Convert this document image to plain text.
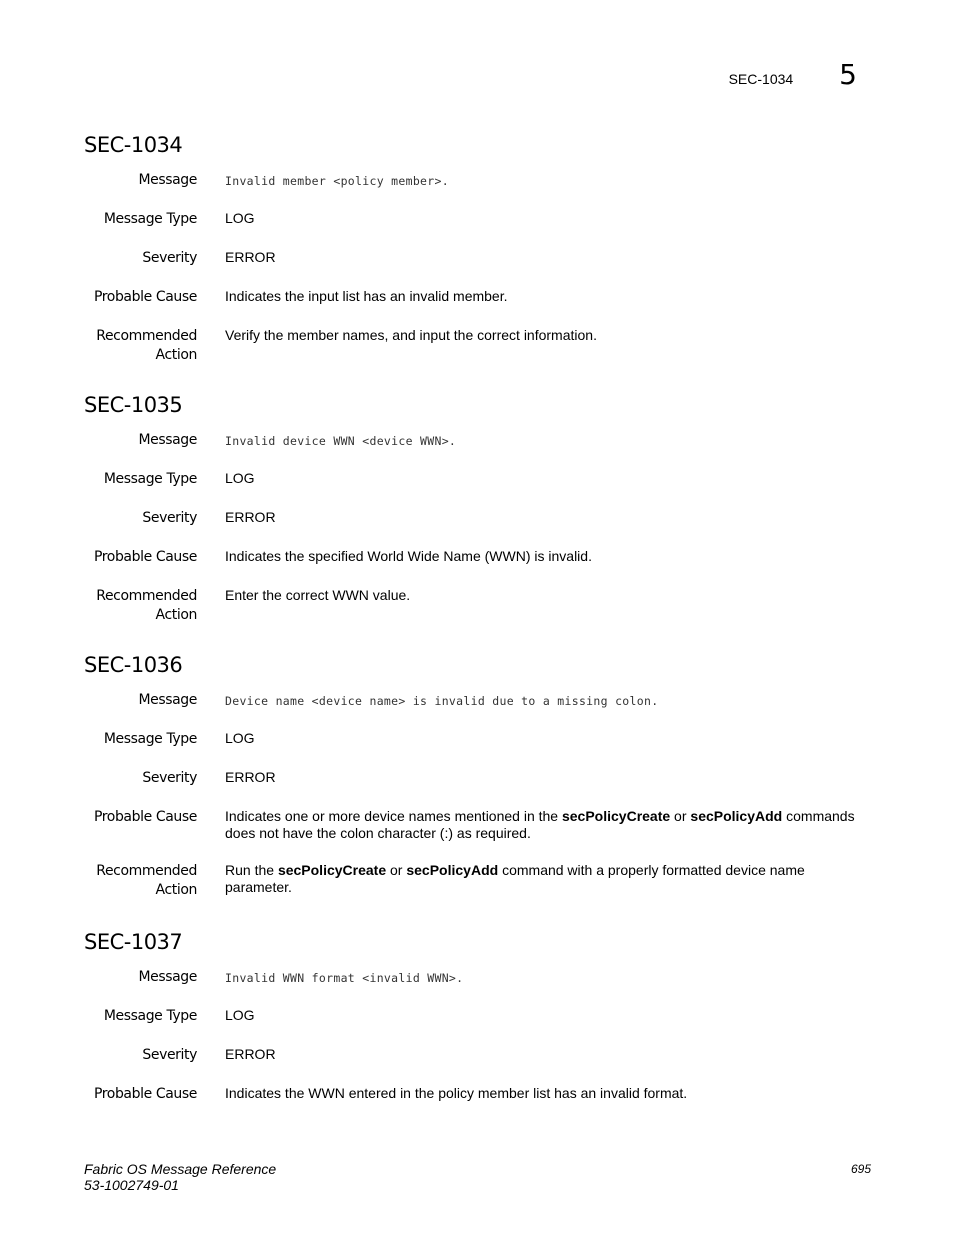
SEC-1034 5
SEC-1034
Message Invalid member <policy member>.
Message Type LOG
Severity ERROR
Probable Cause Indicates the input list has an invalid member.
Recommended
Action
Verify the member names, and input the correct information.
SEC-1035
Message Invalid device WWN <device WWN>.
Message Type LOG
Severity ERROR
Probable Cause Indicates the specified World Wide Name (WWN) is invalid.
Recommended
Action
Enter the correct WWN value.
SEC-1036
Message Device name <device name> is invalid due to a missing colon.
Message Type LOG
Severity ERROR
Probable Cause Indicates one or more device names mentioned in the secPolicyCreate or secPolicyAdd commands does not have the colon character (:) as required.
Recommended
Action
Run the secPolicyCreate or secPolicyAdd command with a properly formatted device name parameter.
SEC-1037
Message Invalid WWN format <invalid WWN>.
Message Type LOG
Severity ERROR
Probable Cause Indicates the WWN entered in the policy member list has an invalid format.
Fabric OS Message Reference
53-1002749-01
695
